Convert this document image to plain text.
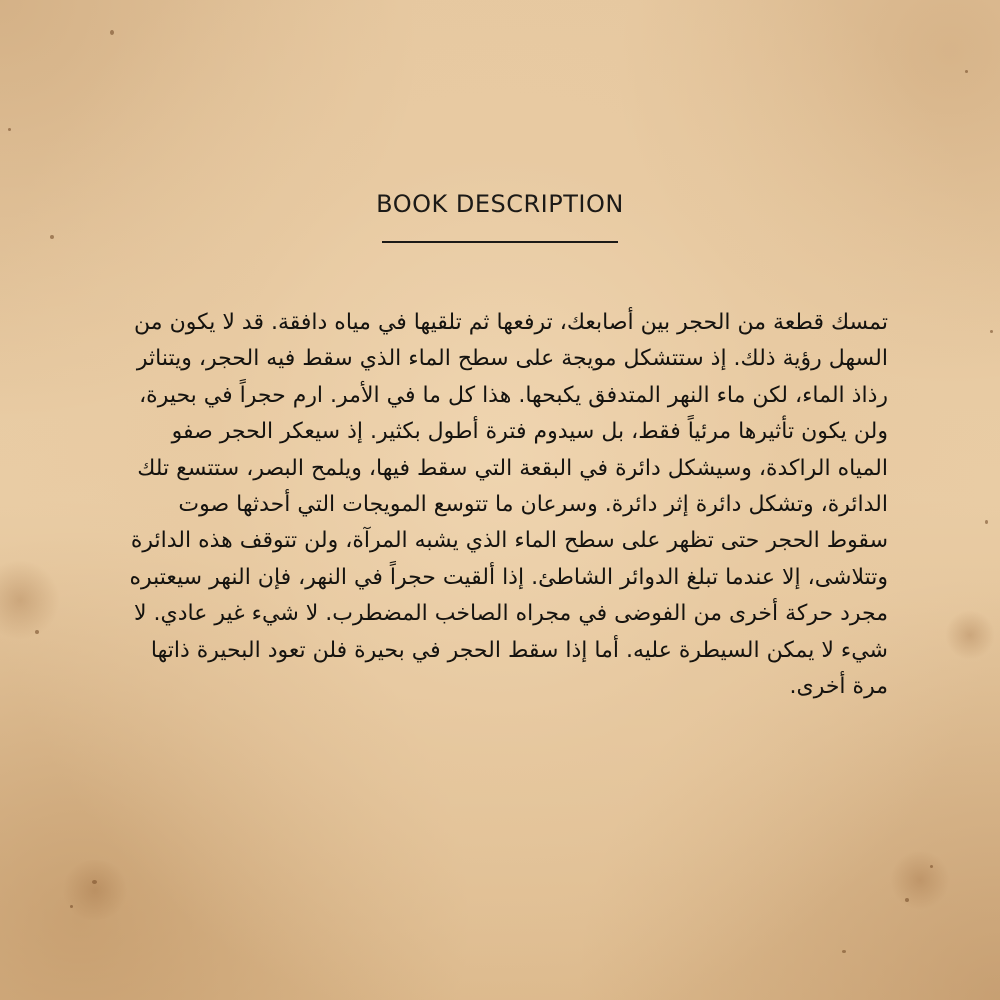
BOOK DESCRIPTION

تمسك قطعة من الحجر بين أصابعك، ترفعها ثم تلقيها في مياه دافقة. قد لا يكون من السهل رؤية ذلك. إذ ستتشكل مويجة على سطح الماء الذي سقط فيه الحجر، ويتناثر رذاذ الماء، لكن ماء النهر المتدفق يكبحها. هذا كل ما في الأمر. ارم حجراً في بحيرة، ولن يكون تأثيرها مرئياً فقط، بل سيدوم فترة أطول بكثير. إذ سيعكر الحجر صفو المياه الراكدة، وسيشكل دائرة في البقعة التي سقط فيها، ويلمح البصر، ستتسع تلك الدائرة، وتشكل دائرة إثر دائرة. وسرعان ما تتوسع المويجات التي أحدثها صوت سقوط الحجر حتى تظهر على سطح الماء الذي يشبه المرآة، ولن تتوقف هذه الدائرة وتتلاشى، إلا عندما تبلغ الدوائر الشاطئ. إذا ألقيت حجراً في النهر، فإن النهر سيعتبره مجرد حركة أخرى من الفوضى في مجراه الصاخب المضطرب. لا شيء غير عادي. لا شيء لا يمكن السيطرة عليه. أما إذا سقط الحجر في بحيرة فلن تعود البحيرة ذاتها مرة أخرى.
